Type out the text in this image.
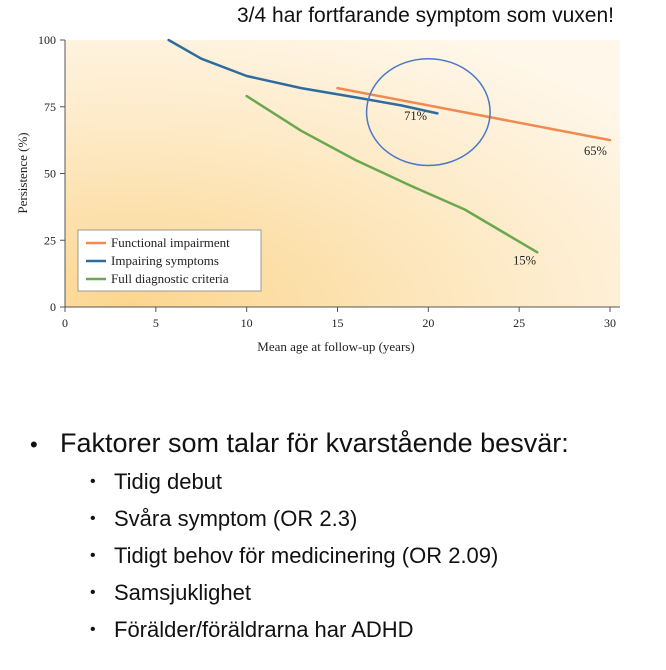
3/4 har fortfarande symptom som vuxen!
0	5	10	15	20	25	30
0
25
50
75
100
71%
65%
15%
Mean age at follow-up (years)
Persistence (%)
Functional impairment
Impairing symptoms
Full diagnostic criteria
• Faktorer som talar för kvarstående besvär:
• Tidig debut
• Svåra symptom (OR 2.3)
• Tidigt behov för medicinering (OR 2.09)
• Samsjuklighet
• Förälder/föräldrarna har ADHD
